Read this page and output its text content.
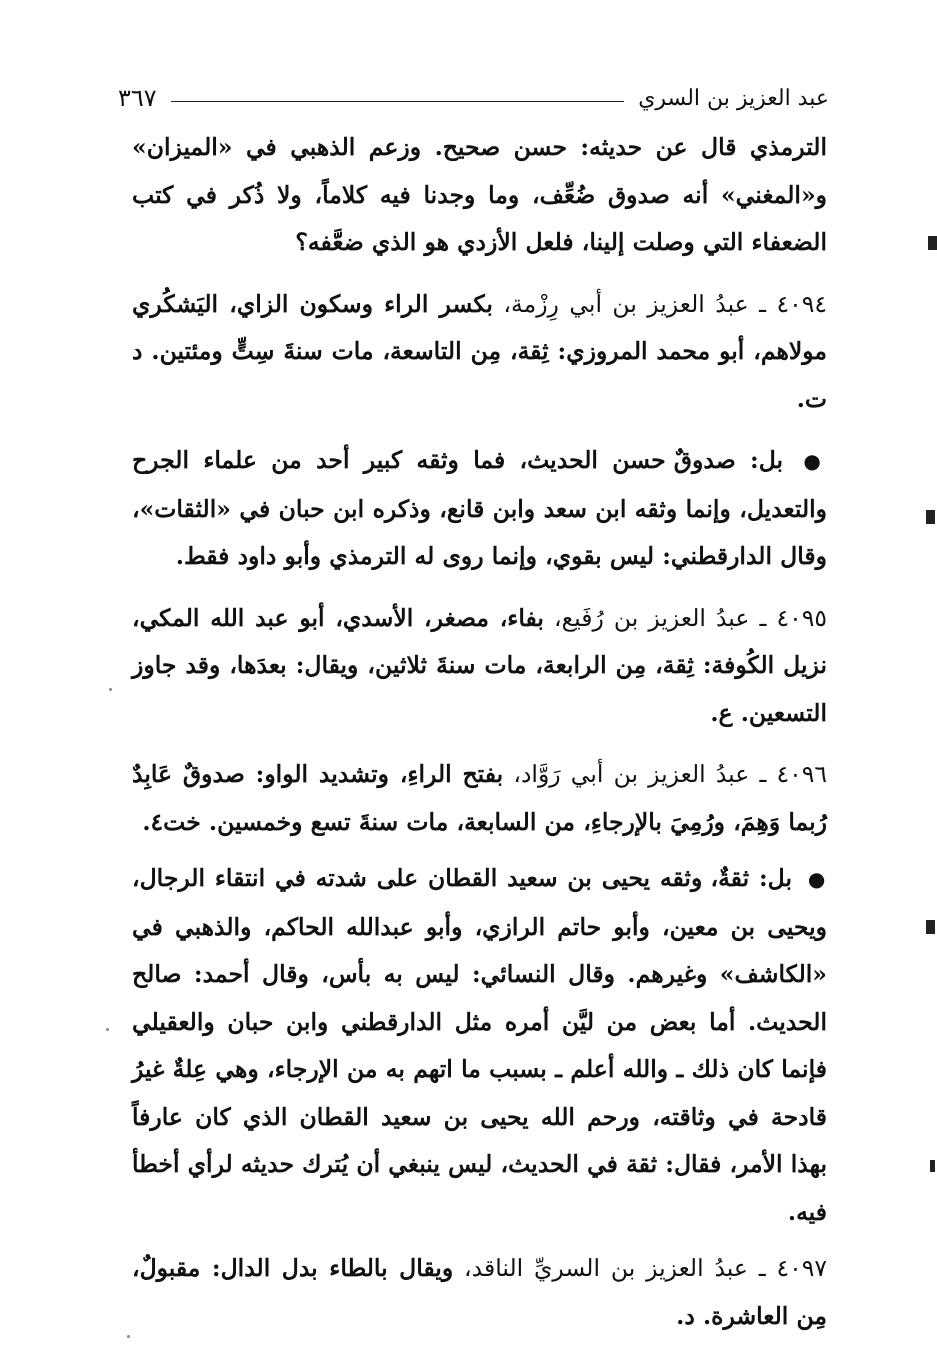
عبد العزيز بن السري
٣٦٧

الترمذي قال عن حديثه: حسن صحيح. وزعم الذهبي في «الميزان» و«المغني» أنه صدوق ضُعِّف، وما وجدنا فيه كلاماً، ولا ذُكر في كتب الضعفاء التي وصلت إلينا، فلعل الأزدي هو الذي ضعَّفه؟

٤٠٩٤ ـ عبدُ العزيز بن أبي رِزْمة، بكسر الراء وسكون الزاي، اليَشكُري مولاهم، أبو محمد المروزي: ثِقة، مِن التاسعة، مات سنةَ سِتٍّ ومئتين. د ت.

● بل: صدوقٌ حسن الحديث، فما وثقه كبير أحد من علماء الجرح والتعديل، وإنما وثقه ابن سعد وابن قانع، وذكره ابن حبان في «الثقات»، وقال الدارقطني: ليس بقوي، وإنما روى له الترمذي وأبو داود فقط.

٤٠٩٥ ـ عبدُ العزيز بن رُفَيع، بفاء، مصغر، الأسدي، أبو عبد الله المكي، نزيل الكُوفة: ثِقة، مِن الرابعة، مات سنةَ ثلاثين، ويقال: بعدَها، وقد جاوز التسعين. ع.

٤٠٩٦ ـ عبدُ العزيز بن أبي رَوَّاد، بفتح الراءِ، وتشديد الواو: صدوقٌ عَابِدٌ رُبما وَهِمَ، ورُمِيَ بالإرجاءِ، من السابعة، مات سنةَ تسع وخمسين. خت٤.

● بل: ثقةٌ، وثقه يحيى بن سعيد القطان على شدته في انتقاء الرجال، ويحيى بن معين، وأبو حاتم الرازي، وأبو عبدالله الحاكم، والذهبي في «الكاشف» وغيرهم. وقال النسائي: ليس به بأس، وقال أحمد: صالح الحديث. أما بعض من ليَّن أمره مثل الدارقطني وابن حبان والعقيلي فإنما كان ذلك ـ والله أعلم ـ بسبب ما اتهم به من الإرجاء، وهي عِلةٌ غيرُ قادحة في وثاقته، ورحم الله يحيى بن سعيد القطان الذي كان عارفاً بهذا الأمر، فقال: ثقة في الحديث، ليس ينبغي أن يُترك حديثه لرأي أخطأ فيه.

٤٠٩٧ ـ عبدُ العزيز بن السريِّ الناقد، ويقال بالطاء بدل الدال: مقبولٌ، مِن العاشرة. د.
